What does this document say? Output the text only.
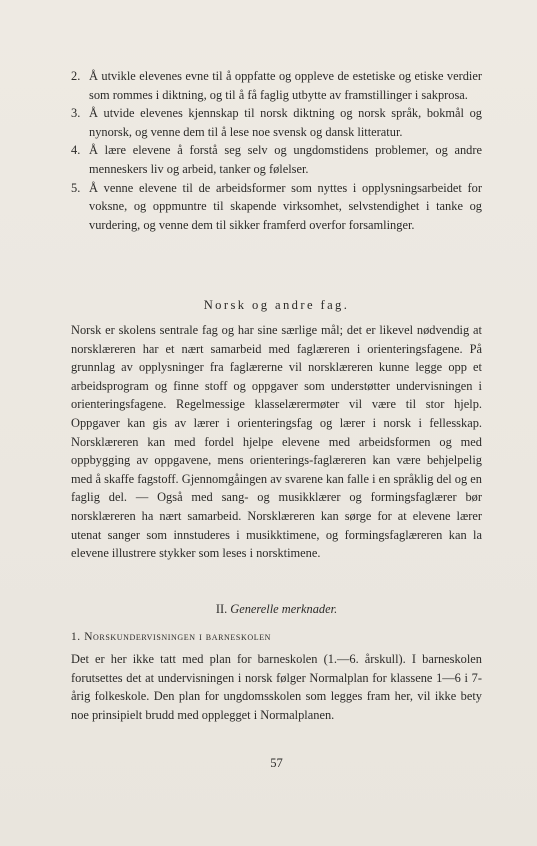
2. Å utvikle elevenes evne til å oppfatte og oppleve de estetiske og etiske verdier som rommes i diktning, og til å få faglig utbytte av framstillinger i sakprosa.

3. Å utvide elevenes kjennskap til norsk diktning og norsk språk, bokmål og nynorsk, og venne dem til å lese noe svensk og dansk litteratur.

4. Å lære elevene å forstå seg selv og ungdomstidens problemer, og andre menneskers liv og arbeid, tanker og følelser.

5. Å venne elevene til de arbeidsformer som nyttes i opplysningsarbeidet for voksne, og oppmuntre til skapende virksomhet, selvstendighet i tanke og vurdering, og venne dem til sikker framferd overfor forsamlinger.

Norsk og andre fag.

Norsk er skolens sentrale fag og har sine særlige mål; det er likevel nødvendig at norsklæreren har et nært samarbeid med faglæreren i orienteringsfagene. På grunnlag av opplysninger fra faglærerne vil norsklæreren kunne legge opp et arbeidsprogram og finne stoff og oppgaver som understøtter undervisningen i orienteringsfagene. Regelmessige klasselærermøter vil være til stor hjelp. Oppgaver kan gis av lærer i orienteringsfag og lærer i norsk i fellesskap. Norsklæreren kan med fordel hjelpe elevene med arbeidsformen og med oppbygging av oppgavene, mens orienterings-faglæreren kan være behjelpelig med å skaffe fagstoff. Gjennomgåingen av svarene kan falle i en språklig del og en faglig del. — Også med sang- og musikklærer og formingsfaglærer bør norsklæreren ha nært samarbeid. Norsklæreren kan sørge for at elevene lærer utenat sanger som innstuderes i musikktimene, og formingsfaglæreren kan la elevene illustrere stykker som leses i norsktimene.

II. Generelle merknader.
1. Norskundervisningen i barneskolen

Det er her ikke tatt med plan for barneskolen (1.—6. årskull). I barneskolen forutsettes det at undervisningen i norsk følger Normalplan for klassene 1—6 i 7-årig folkeskole. Den plan for ungdomsskolen som legges fram her, vil ikke bety noe prinsipielt brudd med opplegget i Normalplanen.

57
